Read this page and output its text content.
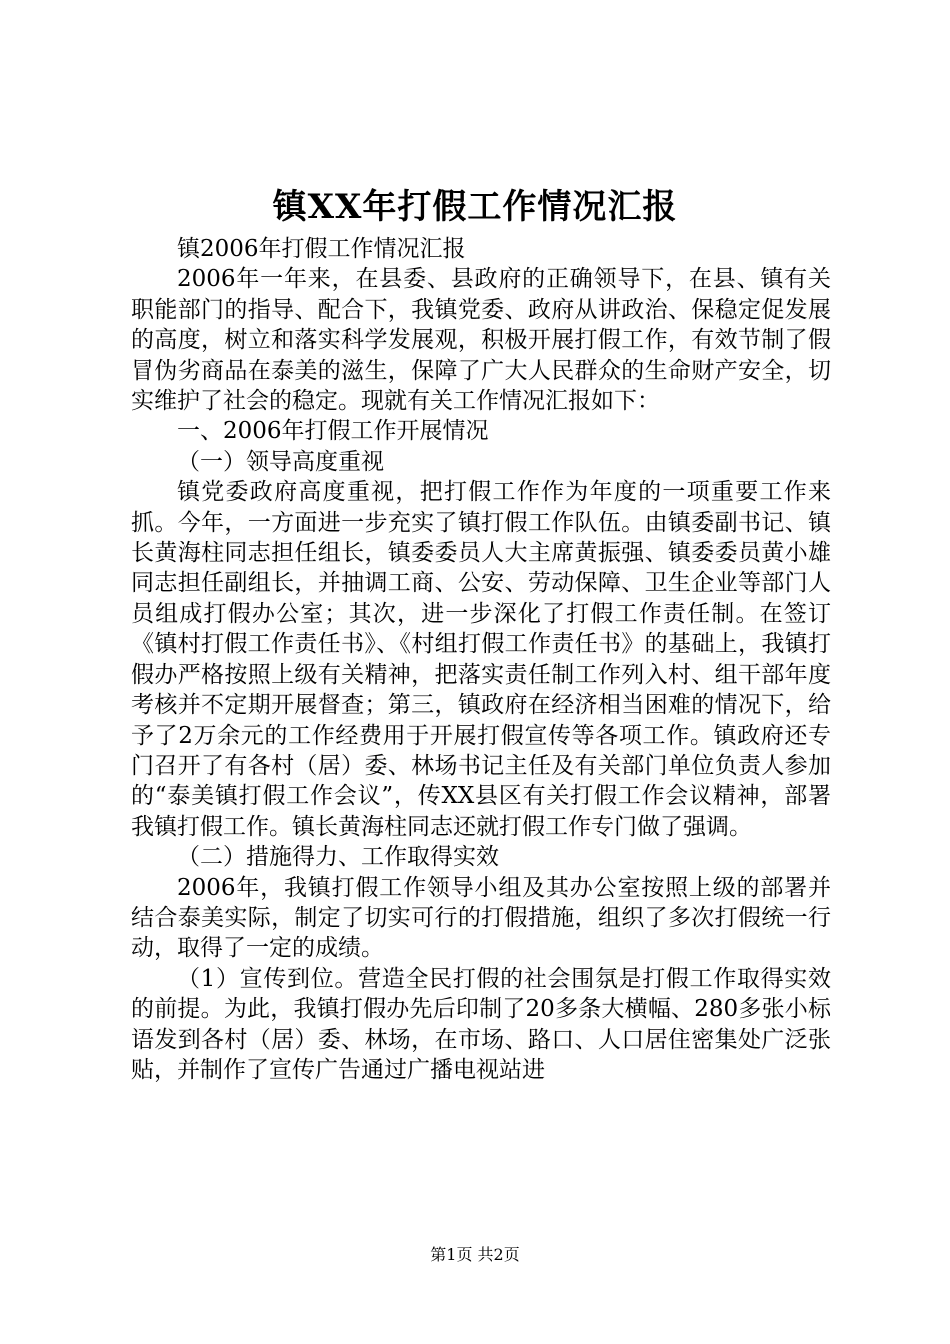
镇XX年打假工作情况汇报

镇2006年打假工作情况汇报

2006年一年来，在县委、县政府的正确领导下，在县、镇有关职能部门的指导、配合下，我镇党委、政府从讲政治、保稳定促发展的高度，树立和落实科学发展观，积极开展打假工作，有效节制了假冒伪劣商品在泰美的滋生，保障了广大人民群众的生命财产安全，切实维护了社会的稳定。现就有关工作情况汇报如下：

一、2006年打假工作开展情况

（一）领导高度重视

镇党委政府高度重视，把打假工作作为年度的一项重要工作来抓。今年，一方面进一步充实了镇打假工作队伍。由镇委副书记、镇长黄海柱同志担任组长，镇委委员人大主席黄振强、镇委委员黄小雄同志担任副组长，并抽调工商、公安、劳动保障、卫生企业等部门人员组成打假办公室；其次，进一步深化了打假工作责任制。在签订《镇村打假工作责任书》、《村组打假工作责任书》的基础上，我镇打假办严格按照上级有关精神，把落实责任制工作列入村、组干部年度考核并不定期开展督查；第三，镇政府在经济相当困难的情况下，给予了2万余元的工作经费用于开展打假宣传等各项工作。镇政府还专门召开了有各村（居）委、林场书记主任及有关部门单位负责人参加的“泰美镇打假工作会议”，传XX县区有关打假工作会议精神，部署我镇打假工作。镇长黄海柱同志还就打假工作专门做了强调。

（二）措施得力、工作取得实效

2006年，我镇打假工作领导小组及其办公室按照上级的部署并结合泰美实际，制定了切实可行的打假措施，组织了多次打假统一行动，取得了一定的成绩。

（1）宣传到位。营造全民打假的社会围氛是打假工作取得实效的前提。为此，我镇打假办先后印制了20多条大横幅、280多张小标语发到各村（居）委、林场，在市场、路口、人口居住密集处广泛张贴，并制作了宣传广告通过广播电视站进

第1页 共2页
